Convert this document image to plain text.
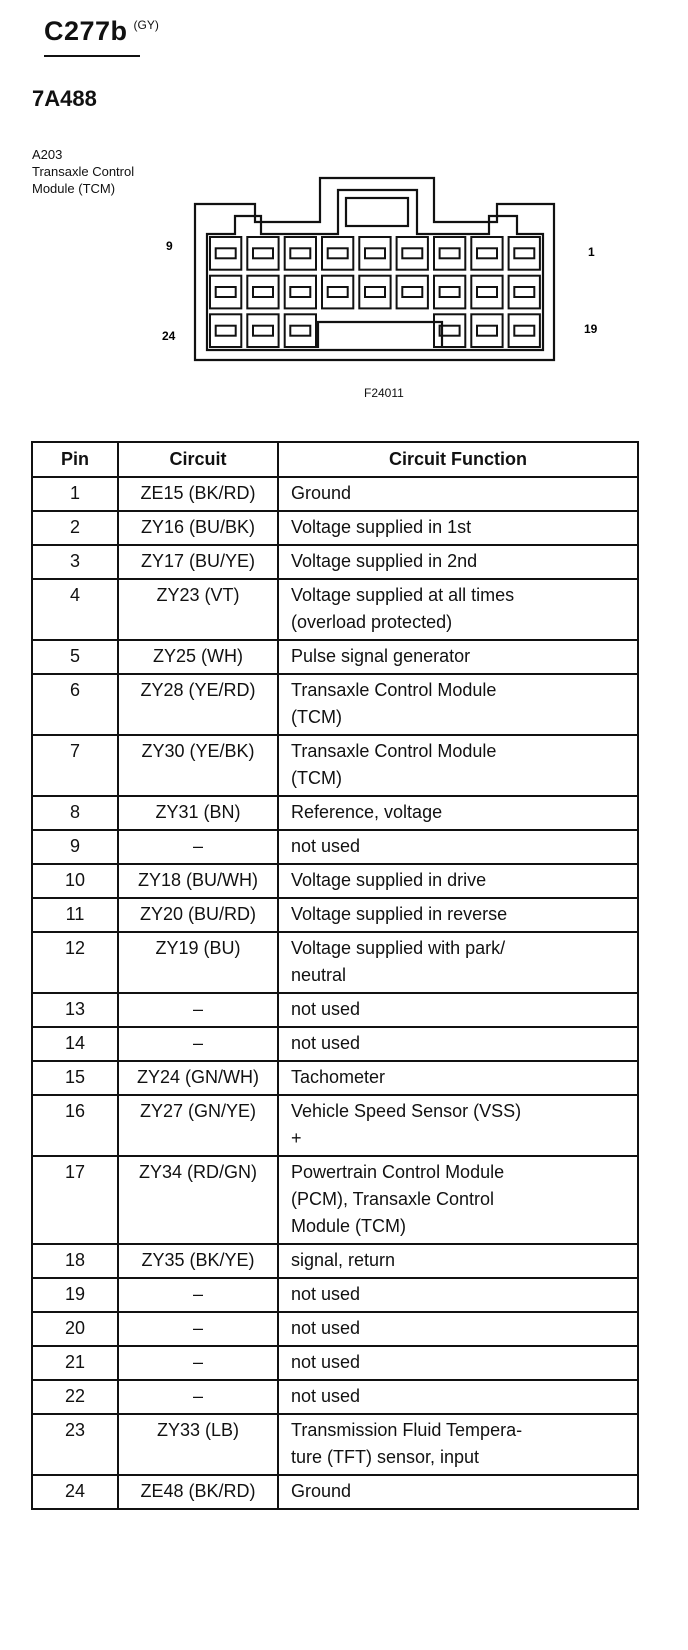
C277b $^{(GY)}$
7A488
A203
Transaxle Control
Module (TCM)
9	1
24	19
F24011
Pin	Circuit	Circuit Function
1	ZE15 (BK/RD)	Ground

2	ZY16 (BU/BK)	Voltage supplied in 1st

3	ZY17 (BU/YE)	Voltage supplied in 2nd

4	ZY23 (VT)	Voltage supplied at all times
(overload protected)

5	ZY25 (WH)	Pulse signal generator

6	ZY28 (YE/RD)	Transaxle Control Module
(TCM)

7	ZY30 (YE/BK)	Transaxle Control Module
(TCM)

8	ZY31 (BN)	Reference, voltage

9	–	not used

10	ZY18 (BU/WH)	Voltage supplied in drive

11	ZY20 (BU/RD)	Voltage supplied in reverse

12	ZY19 (BU)	Voltage supplied with park/
neutral

13	–	not used

14	–	not used

15	ZY24 (GN/WH)	Tachometer

16	ZY27 (GN/YE)	Vehicle Speed Sensor (VSS)
+

17	ZY34 (RD/GN)	Powertrain Control Module
(PCM), Transaxle Control
Module (TCM)

18	ZY35 (BK/YE)	signal, return

19	–	not used

20	–	not used

21	–	not used

22	–	not used

23	ZY33 (LB)	Transmission Fluid Tempera-
ture (TFT) sensor, input

24	ZE48 (BK/RD)	Ground
